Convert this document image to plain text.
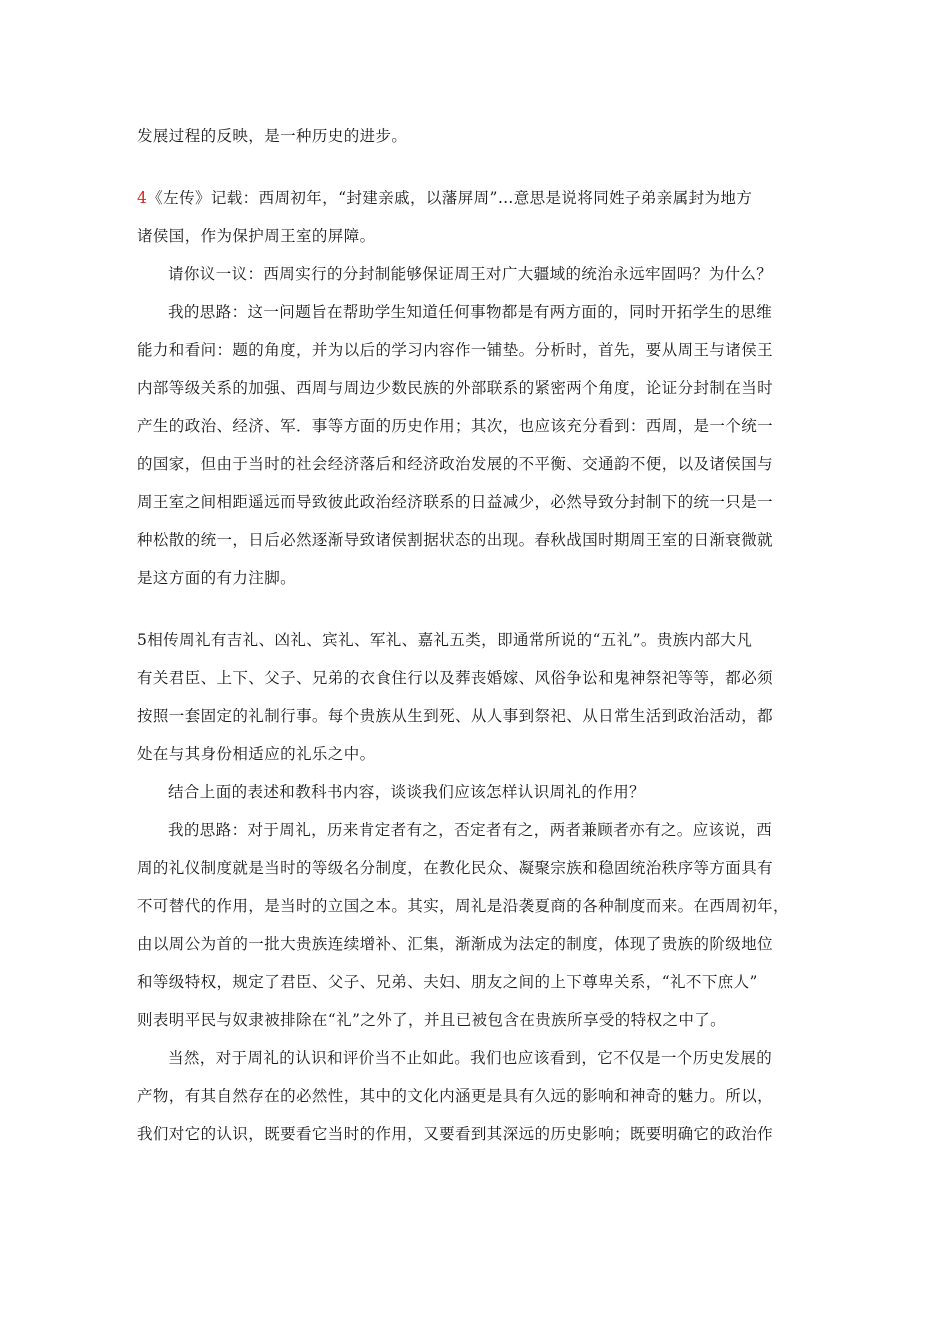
发展过程的反映，是一种历史的进步。
4《左传》记载：西周初年，“封建亲戚，以藩屏周”…意思是说将同姓子弟亲属封为地方
诸侯国，作为保护周王室的屏障。
请你议一议：西周实行的分封制能够保证周王对广大疆域的统治永远牢固吗？为什么？
我的思路：这一问题旨在帮助学生知道任何事物都是有两方面的，同时开拓学生的思维
能力和看问：题的角度，并为以后的学习内容作一铺垫。分析时，首先，要从周王与诸侯王
内部等级关系的加强、西周与周边少数民族的外部联系的紧密两个角度，论证分封制在当时
产生的政治、经济、军．事等方面的历史作用；其次，也应该充分看到：西周，是一个统一
的国家，但由于当时的社会经济落后和经济政治发展的不平衡、交通韵不便，以及诸侯国与
周王室之间相距遥远而导致彼此政治经济联系的日益减少，必然导致分封制下的统一只是一
种松散的统一，日后必然逐渐导致诸侯割据状态的出现。春秋战国时期周王室的日渐衰微就
是这方面的有力注脚。
5相传周礼有吉礼、凶礼、宾礼、军礼、嘉礼五类，即通常所说的“五礼”。贵族内部大凡
有关君臣、上下、父子、兄弟的衣食住行以及葬丧婚嫁、风俗争讼和鬼神祭祀等等，都必须
按照一套固定的礼制行事。每个贵族从生到死、从人事到祭祀、从日常生活到政治活动，都
处在与其身份相适应的礼乐之中。
结合上面的表述和教科书内容，谈谈我们应该怎样认识周礼的作用？
我的思路：对于周礼，历来肯定者有之，否定者有之，两者兼顾者亦有之。应该说，西
周的礼仪制度就是当时的等级名分制度，在教化民众、凝聚宗族和稳固统治秩序等方面具有
不可替代的作用，是当时的立国之本。其实，周礼是沿袭夏商的各种制度而来。在西周初年，
由以周公为首的一批大贵族连续增补、汇集，渐渐成为法定的制度，体现了贵族的阶级地位
和等级特权，规定了君臣、父子、兄弟、夫妇、朋友之间的上下尊卑关系，“礼不下庶人”
则表明平民与奴隶被排除在“礼”之外了，并且已被包含在贵族所享受的特权之中了。
当然，对于周礼的认识和评价当不止如此。我们也应该看到，它不仅是一个历史发展的
产物，有其自然存在的必然性，其中的文化内涵更是具有久远的影响和神奇的魅力。所以，
我们对它的认识，既要看它当时的作用，又要看到其深远的历史影响；既要明确它的政治作
